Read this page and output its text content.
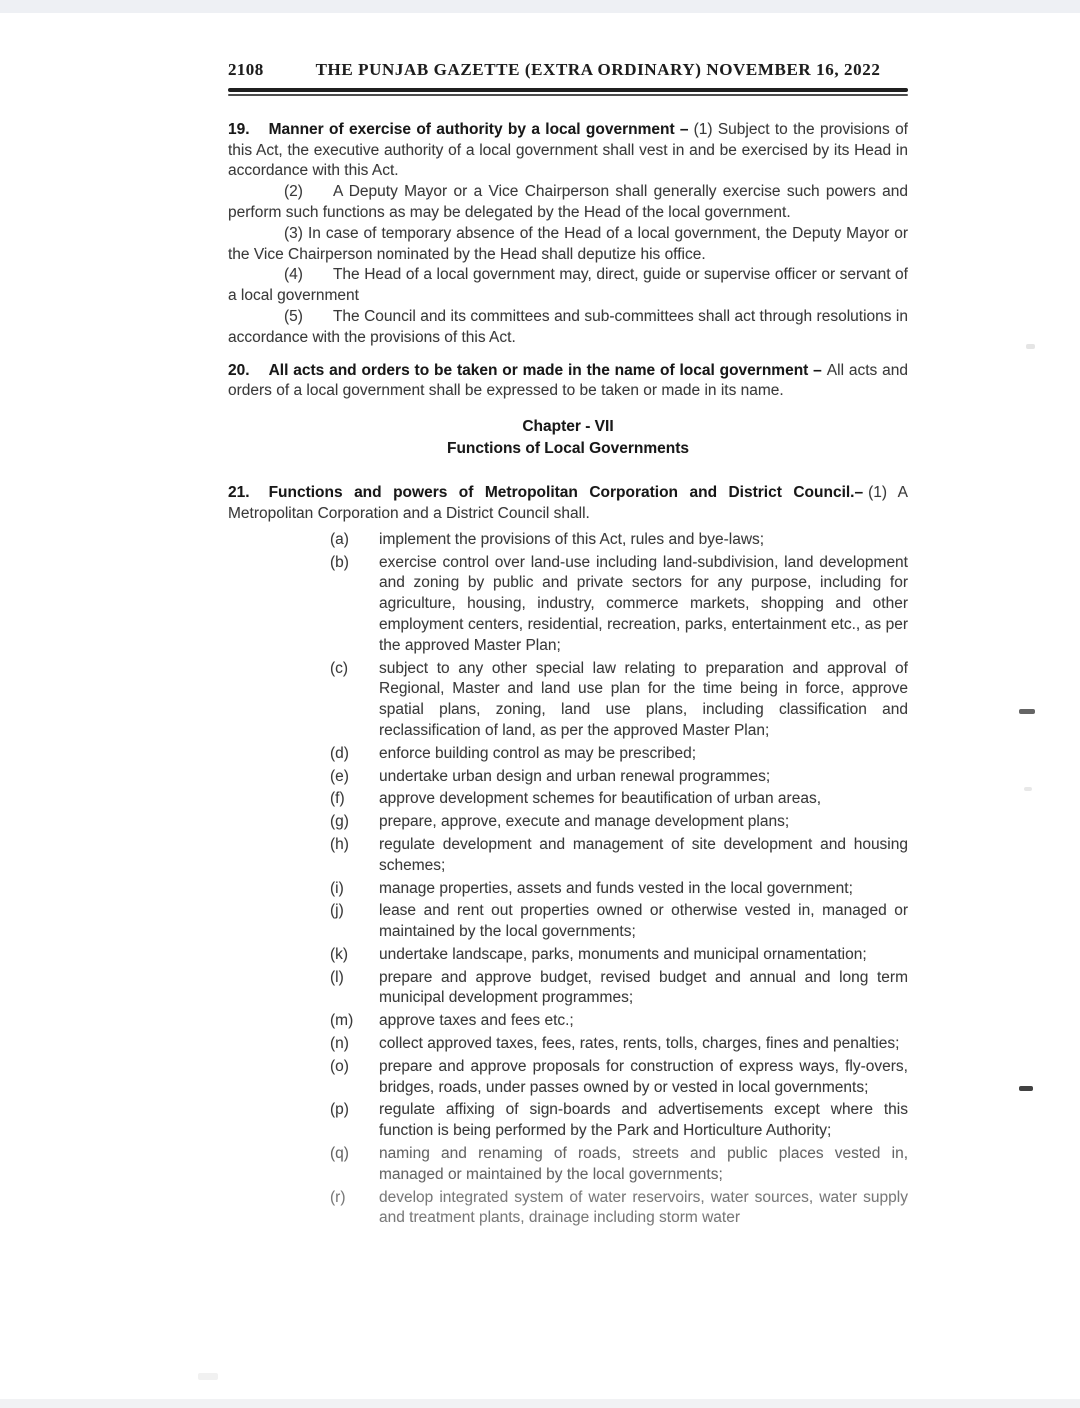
2108	THE PUNJAB GAZETTE (EXTRA ORDINARY) NOVEMBER 16, 2022

19. Manner of exercise of authority by a local government – (1) Subject to the provisions of this Act, the executive authority of a local government shall vest in and be exercised by its Head in accordance with this Act.

(2) A Deputy Mayor or a Vice Chairperson shall generally exercise such powers and perform such functions as may be delegated by the Head of the local government.

(3) In case of temporary absence of the Head of a local government, the Deputy Mayor or the Vice Chairperson nominated by the Head shall deputize his office.

(4) The Head of a local government may, direct, guide or supervise officer or servant of a local government

(5) The Council and its committees and sub-committees shall act through resolutions in accordance with the provisions of this Act.

20. All acts and orders to be taken or made in the name of local government – All acts and orders of a local government shall be expressed to be taken or made in its name.

Chapter - VII
Functions of Local Governments

21. Functions and powers of Metropolitan Corporation and District Council.– (1) A Metropolitan Corporation and a District Council shall.

(a)	implement the provisions of this Act, rules and bye-laws;
(b)	exercise control over land-use including land-subdivision, land development and zoning by public and private sectors for any purpose, including for agriculture, housing, industry, commerce markets, shopping and other employment centers, residential, recreation, parks, entertainment etc., as per the approved Master Plan;
(c)	subject to any other special law relating to preparation and approval of Regional, Master and land use plan for the time being in force, approve spatial plans, zoning, land use plans, including classification and reclassification of land, as per the approved Master Plan;
(d)	enforce building control as may be prescribed;
(e)	undertake urban design and urban renewal programmes;
(f)	approve development schemes for beautification of urban areas,
(g)	prepare, approve, execute and manage development plans;
(h)	regulate development and management of site development and housing schemes;
(i)	manage properties, assets and funds vested in the local government;
(j)	lease and rent out properties owned or otherwise vested in, managed or maintained by the local governments;
(k)	undertake landscape, parks, monuments and municipal ornamentation;
(l)	prepare and approve budget, revised budget and annual and long term municipal development programmes;
(m)	approve taxes and fees etc.;
(n)	collect approved taxes, fees, rates, rents, tolls, charges, fines and penalties;
(o)	prepare and approve proposals for construction of express ways, fly-overs, bridges, roads, under passes owned by or vested in local governments;
(p)	regulate affixing of sign-boards and advertisements except where this function is being performed by the Park and Horticulture Authority;
(q)	naming and renaming of roads, streets and public places vested in, managed or maintained by the local governments;
(r)	develop integrated system of water reservoirs, water sources, water supply and treatment plants, drainage including storm water
